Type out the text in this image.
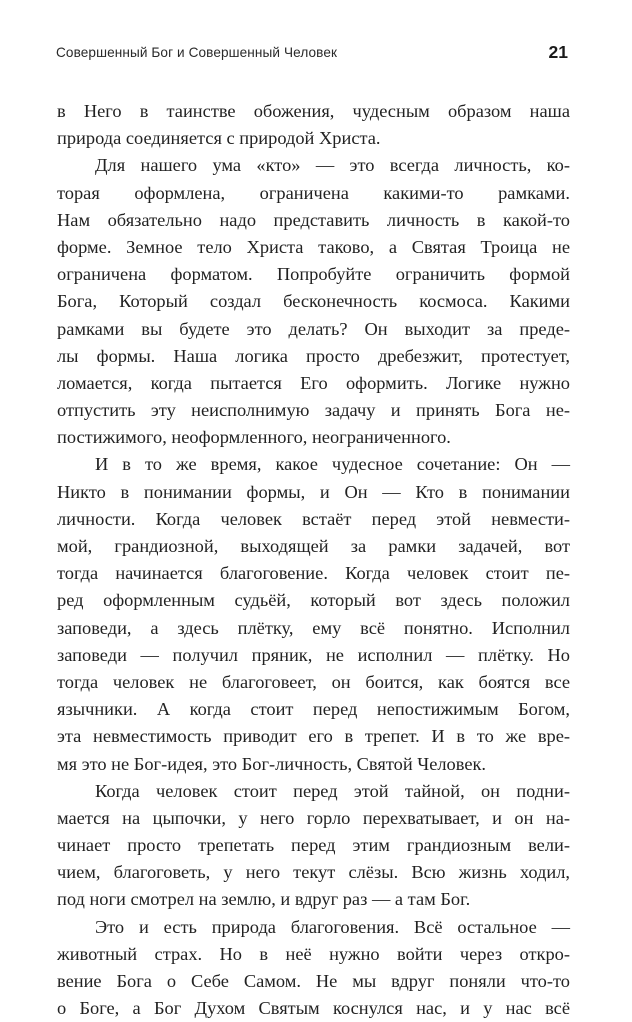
Совершенный Бог и Совершенный Человек	21
в Него в таинстве обожения, чудесным образом наша
природа соединяется с природой Христа.
Для нашего ума «кто» — это всегда личность, ко-
торая оформлена, ограничена какими-то рамками.
Нам обязательно надо представить личность в какой-то
форме. Земное тело Христа таково, а Святая Троица не
ограничена форматом. Попробуйте ограничить формой
Бога, Который создал бесконечность космоса. Какими
рамками вы будете это делать? Он выходит за преде-
лы формы. Наша логика просто дребезжит, протестует,
ломается, когда пытается Его оформить. Логике нужно
отпустить эту неисполнимую задачу и принять Бога не-
постижимого, неоформленного, неограниченного.
И в то же время, какое чудесное сочетание: Он —
Никто в понимании формы, и Он — Кто в понимании
личности. Когда человек встаёт перед этой невмести-
мой, грандиозной, выходящей за рамки задачей, вот
тогда начинается благоговение. Когда человек стоит пе-
ред оформленным судьёй, который вот здесь положил
заповеди, а здесь плётку, ему всё понятно. Исполнил
заповеди — получил пряник, не исполнил — плётку. Но
тогда человек не благоговеет, он боится, как боятся все
язычники. А когда стоит перед непостижимым Богом,
эта невместимость приводит его в трепет. И в то же вре-
мя это не Бог-идея, это Бог-личность, Святой Человек.
Когда человек стоит перед этой тайной, он подни-
мается на цыпочки, у него горло перехватывает, и он на-
чинает просто трепетать перед этим грандиозным вели-
чием, благоговеть, у него текут слёзы. Всю жизнь ходил,
под ноги смотрел на землю, и вдруг раз — а там Бог.
Это и есть природа благоговения. Всё остальное —
животный страх. Но в неё нужно войти через откро-
вение Бога о Себе Самом. Не мы вдруг поняли что-то
о Боге, а Бог Духом Святым коснулся нас, и у нас всё
